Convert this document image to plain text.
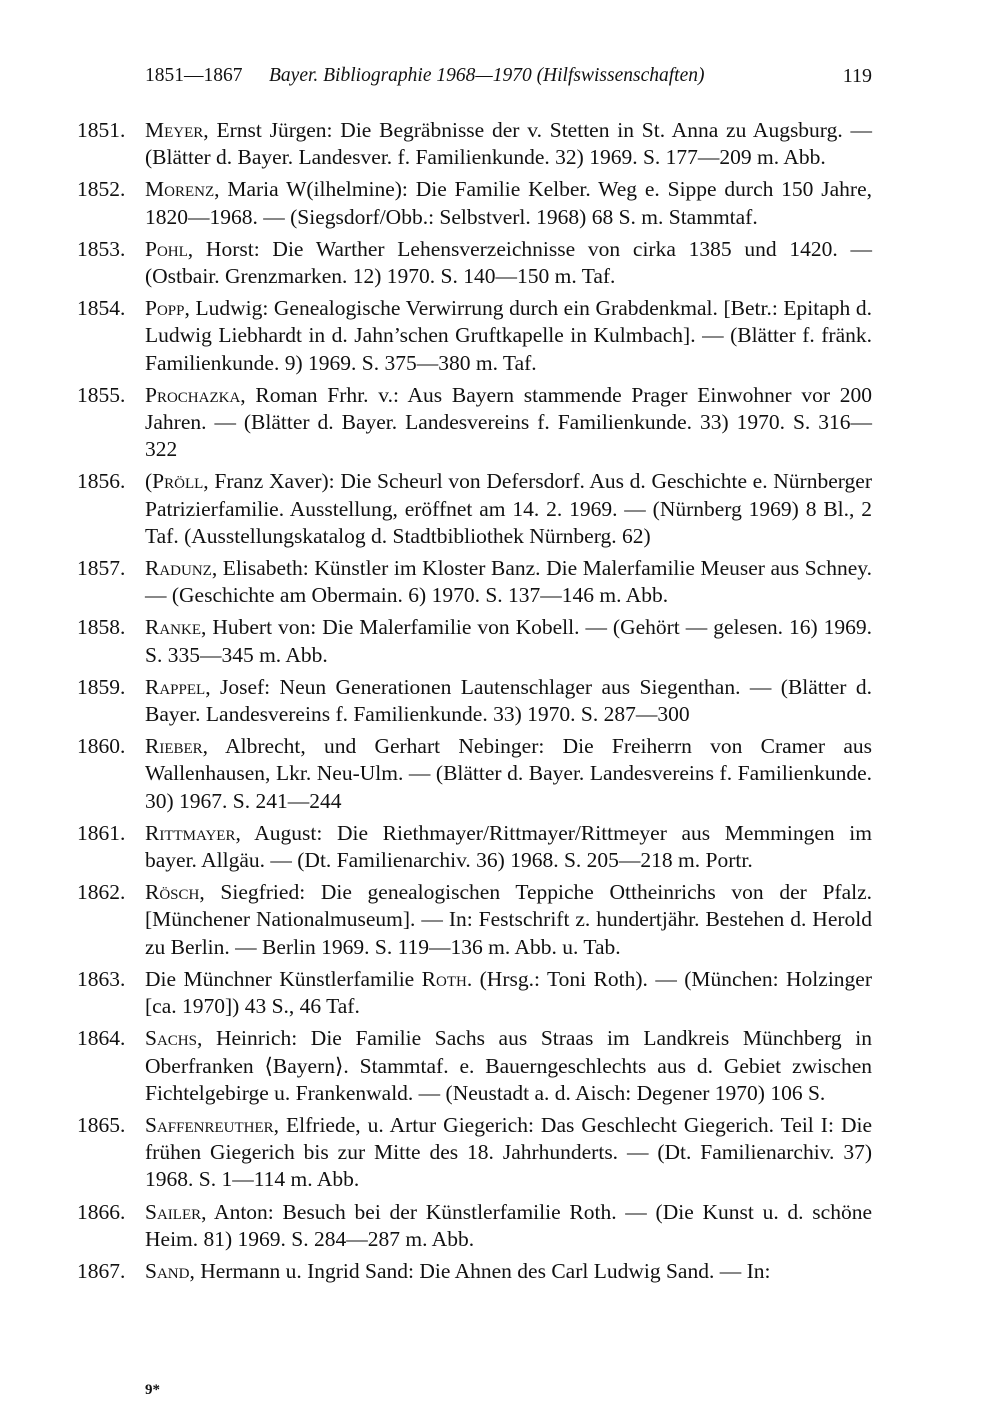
1851—1867 Bayer. Bibliographie 1968—1970 (Hilfswissenschaften)	119
1851. Meyer, Ernst Jürgen: Die Begräbnisse der v. Stetten in St. Anna zu Augsburg. — (Blätter d. Bayer. Landesver. f. Familienkunde. 32) 1969. S. 177—209 m. Abb.
1852. Morenz, Maria W(ilhelmine): Die Familie Kelber. Weg e. Sippe durch 150 Jahre, 1820—1968. — (Siegsdorf/Obb.: Selbstverl. 1968) 68 S. m. Stammtaf.
1853. Pohl, Horst: Die Warther Lehensverzeichnisse von cirka 1385 und 1420. — (Ostbair. Grenzmarken. 12) 1970. S. 140—150 m. Taf.
1854. Popp, Ludwig: Genealogische Verwirrung durch ein Grabdenkmal. [Betr.: Epitaph d. Ludwig Liebhardt in d. Jahn’schen Gruftkapelle in Kulmbach]. — (Blätter f. fränk. Familienkunde. 9) 1969. S. 375—380 m. Taf.
1855. Prochazka, Roman Frhr. v.: Aus Bayern stammende Prager Einwohner vor 200 Jahren. — (Blätter d. Bayer. Landesvereins f. Familienkunde. 33) 1970. S. 316—322
1856. (Pröll, Franz Xaver): Die Scheurl von Defersdorf. Aus d. Geschichte e. Nürnberger Patrizierfamilie. Ausstellung, eröffnet am 14. 2. 1969. — (Nürnberg 1969) 8 Bl., 2 Taf. (Ausstellungskatalog d. Stadtbibliothek Nürnberg. 62)
1857. Radunz, Elisabeth: Künstler im Kloster Banz. Die Malerfamilie Meuser aus Schney. — (Geschichte am Obermain. 6) 1970. S. 137—146 m. Abb.
1858. Ranke, Hubert von: Die Malerfamilie von Kobell. — (Gehört — gelesen. 16) 1969. S. 335—345 m. Abb.
1859. Rappel, Josef: Neun Generationen Lautenschlager aus Siegenthan. — (Blätter d. Bayer. Landesvereins f. Familienkunde. 33) 1970. S. 287—300
1860. Rieber, Albrecht, und Gerhart Nebinger: Die Freiherrn von Cramer aus Wallenhausen, Lkr. Neu-Ulm. — (Blätter d. Bayer. Landesvereins f. Familienkunde. 30) 1967. S. 241—244
1861. Rittmayer, August: Die Riethmayer/Rittmayer/Rittmeyer aus Memmingen im bayer. Allgäu. — (Dt. Familienarchiv. 36) 1968. S. 205—218 m. Portr.
1862. Rösch, Siegfried: Die genealogischen Teppiche Ottheinrichs von der Pfalz. [Münchener Nationalmuseum]. — In: Festschrift z. hundertjähr. Bestehen d. Herold zu Berlin. — Berlin 1969. S. 119—136 m. Abb. u. Tab.
1863. Die Münchner Künstlerfamilie Roth. (Hrsg.: Toni Roth). — (München: Holzinger [ca. 1970]) 43 S., 46 Taf.
1864. Sachs, Heinrich: Die Familie Sachs aus Straas im Landkreis Münchberg in Oberfranken ⟨Bayern⟩. Stammtaf. e. Bauerngeschlechts aus d. Gebiet zwischen Fichtelgebirge u. Frankenwald. — (Neustadt a. d. Aisch: Degener 1970) 106 S.
1865. Saffenreuther, Elfriede, u. Artur Giegerich: Das Geschlecht Giegerich. Teil I: Die frühen Giegerich bis zur Mitte des 18. Jahrhunderts. — (Dt. Familienarchiv. 37) 1968. S. 1—114 m. Abb.
1866. Sailer, Anton: Besuch bei der Künstlerfamilie Roth. — (Die Kunst u. d. schöne Heim. 81) 1969. S. 284—287 m. Abb.
1867. Sand, Hermann u. Ingrid Sand: Die Ahnen des Carl Ludwig Sand. — In:
9*
